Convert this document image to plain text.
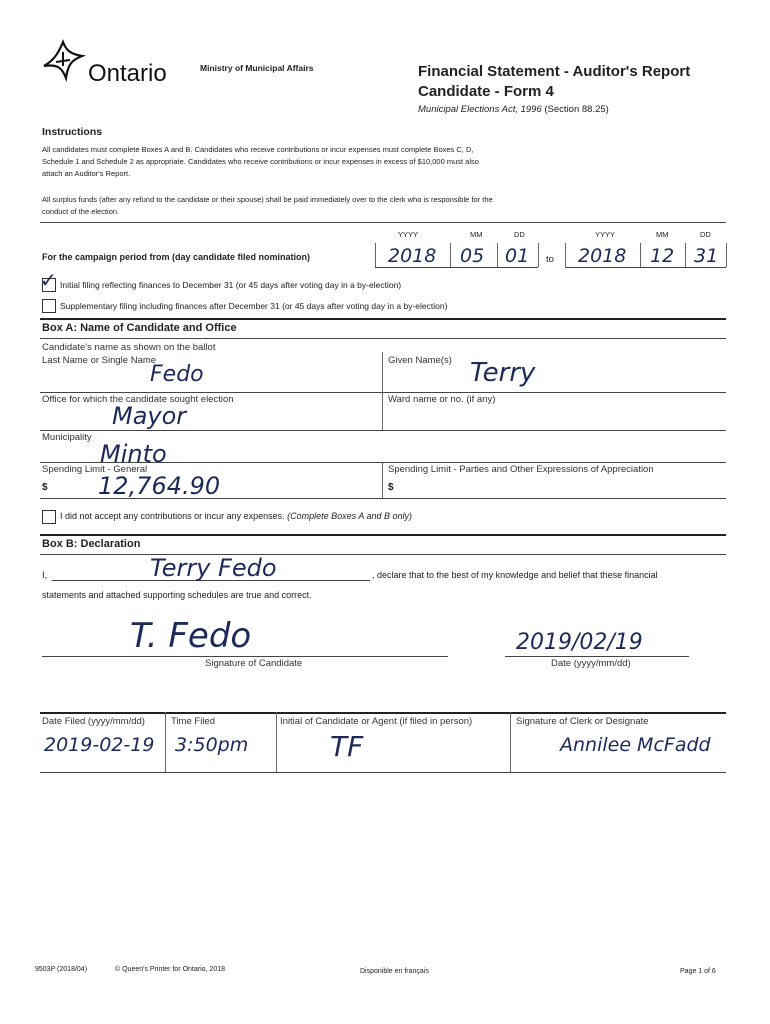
Ontario	Ministry of Municipal Affairs	Financial Statement - Auditor's Report
Candidate - Form 4
Municipal Elections Act, 1996 (Section 88.25)
Instructions
All candidates must complete Boxes A and B. Candidates who receive contributions or incur expenses must complete Boxes C, D,
Schedule 1 and Schedule 2 as appropriate. Candidates who receive contributions or incur expenses in excess of $10,000 must also
attach an Auditor's Report.
All surplus funds (after any refund to the candidate or their spouse) shall be paid immediately over to the clerk who is responsible for the
conduct of the election.
YYYY	MM	DD	YYYY	MM	DD
For the campaign period from (day candidate filed nomination)	2018 05 01 to 2018 12 31
✓ Initial filing reflecting finances to December 31 (or 45 days after voting day in a by-election)
Supplementary filing including finances after December 31 (or 45 days after voting day in a by-election)
Box A: Name of Candidate and Office
Candidate's name as shown on the ballot
Last Name or Single Name
Fedo
Given Name(s) Terry
Office for which the candidate sought election
Mayor
Ward name or no. (if any)
Municipality
Minto
Spending Limit - General
$ 12,764.90
Spending Limit - Parties and Other Expressions of Appreciation
$
I did not accept any contributions or incur any expenses. (Complete Boxes A and B only)
Box B: Declaration
I,	Terry Fedo	, declare that to the best of my knowledge and belief that these financial
statements and attached supporting schedules are true and correct.
T. Fedo
Signature of Candidate
2019/02/19
Date (yyyy/mm/dd)
Date Filed (yyyy/mm/dd)
2019-02-19
Time Filed
3:50pm
Initial of Candidate or Agent (if filed in person)
TF
Signature of Clerk or Designate
Annilee McFadd
9503P (2018/04)	© Queen's Printer for Ontario, 2018	Disponible en français	Page 1 of 6
